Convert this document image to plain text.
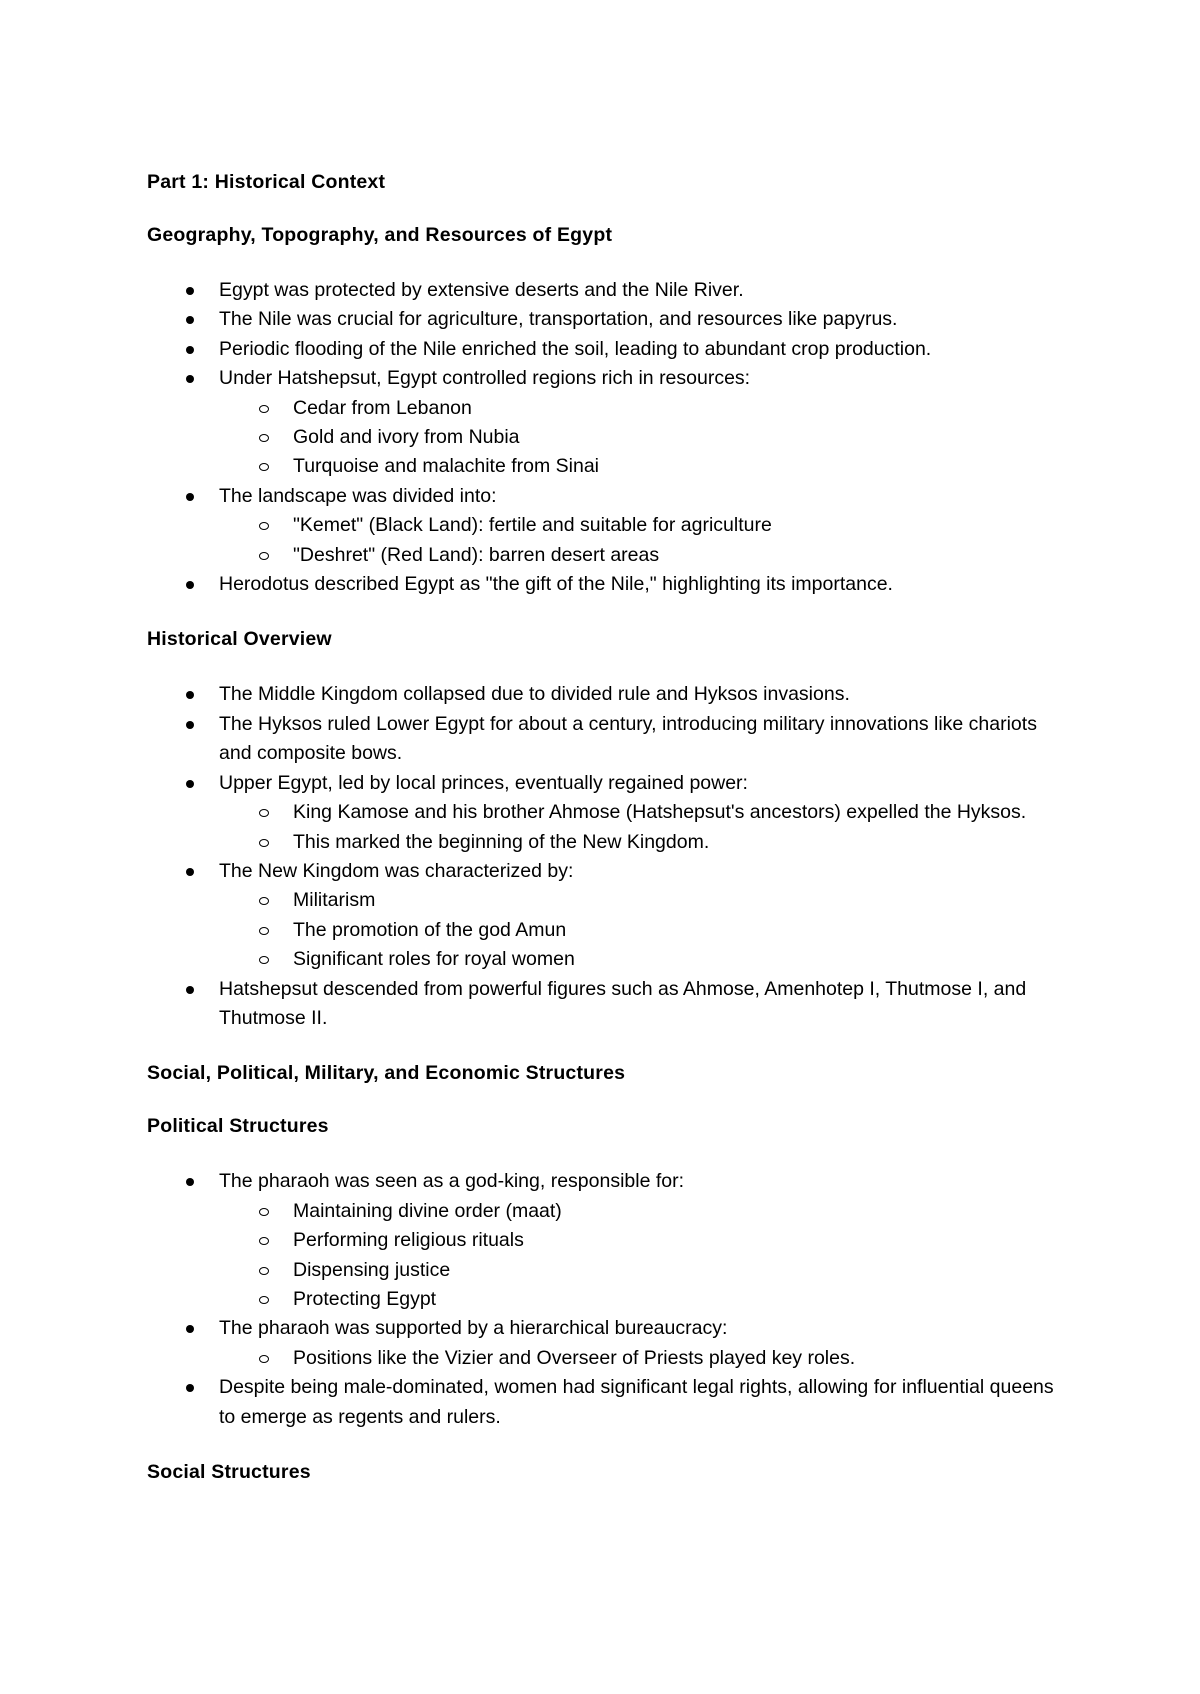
Part 1: Historical Context

Geography, Topography, and Resources of Egypt

Egypt was protected by extensive deserts and the Nile River.
The Nile was crucial for agriculture, transportation, and resources like papyrus.
Periodic flooding of the Nile enriched the soil, leading to abundant crop production.
Under Hatshepsut, Egypt controlled regions rich in resources:
Cedar from Lebanon
Gold and ivory from Nubia
Turquoise and malachite from Sinai
The landscape was divided into:
"Kemet" (Black Land): fertile and suitable for agriculture
"Deshret" (Red Land): barren desert areas
Herodotus described Egypt as "the gift of the Nile," highlighting its importance.

Historical Overview

The Middle Kingdom collapsed due to divided rule and Hyksos invasions.
The Hyksos ruled Lower Egypt for about a century, introducing military innovations like chariots and composite bows.
Upper Egypt, led by local princes, eventually regained power:
King Kamose and his brother Ahmose (Hatshepsut's ancestors) expelled the Hyksos.
This marked the beginning of the New Kingdom.
The New Kingdom was characterized by:
Militarism
The promotion of the god Amun
Significant roles for royal women
Hatshepsut descended from powerful figures such as Ahmose, Amenhotep I, Thutmose I, and Thutmose II.

Social, Political, Military, and Economic Structures

Political Structures

The pharaoh was seen as a god-king, responsible for:
Maintaining divine order (maat)
Performing religious rituals
Dispensing justice
Protecting Egypt
The pharaoh was supported by a hierarchical bureaucracy:
Positions like the Vizier and Overseer of Priests played key roles.
Despite being male-dominated, women had significant legal rights, allowing for influential queens to emerge as regents and rulers.

Social Structures
